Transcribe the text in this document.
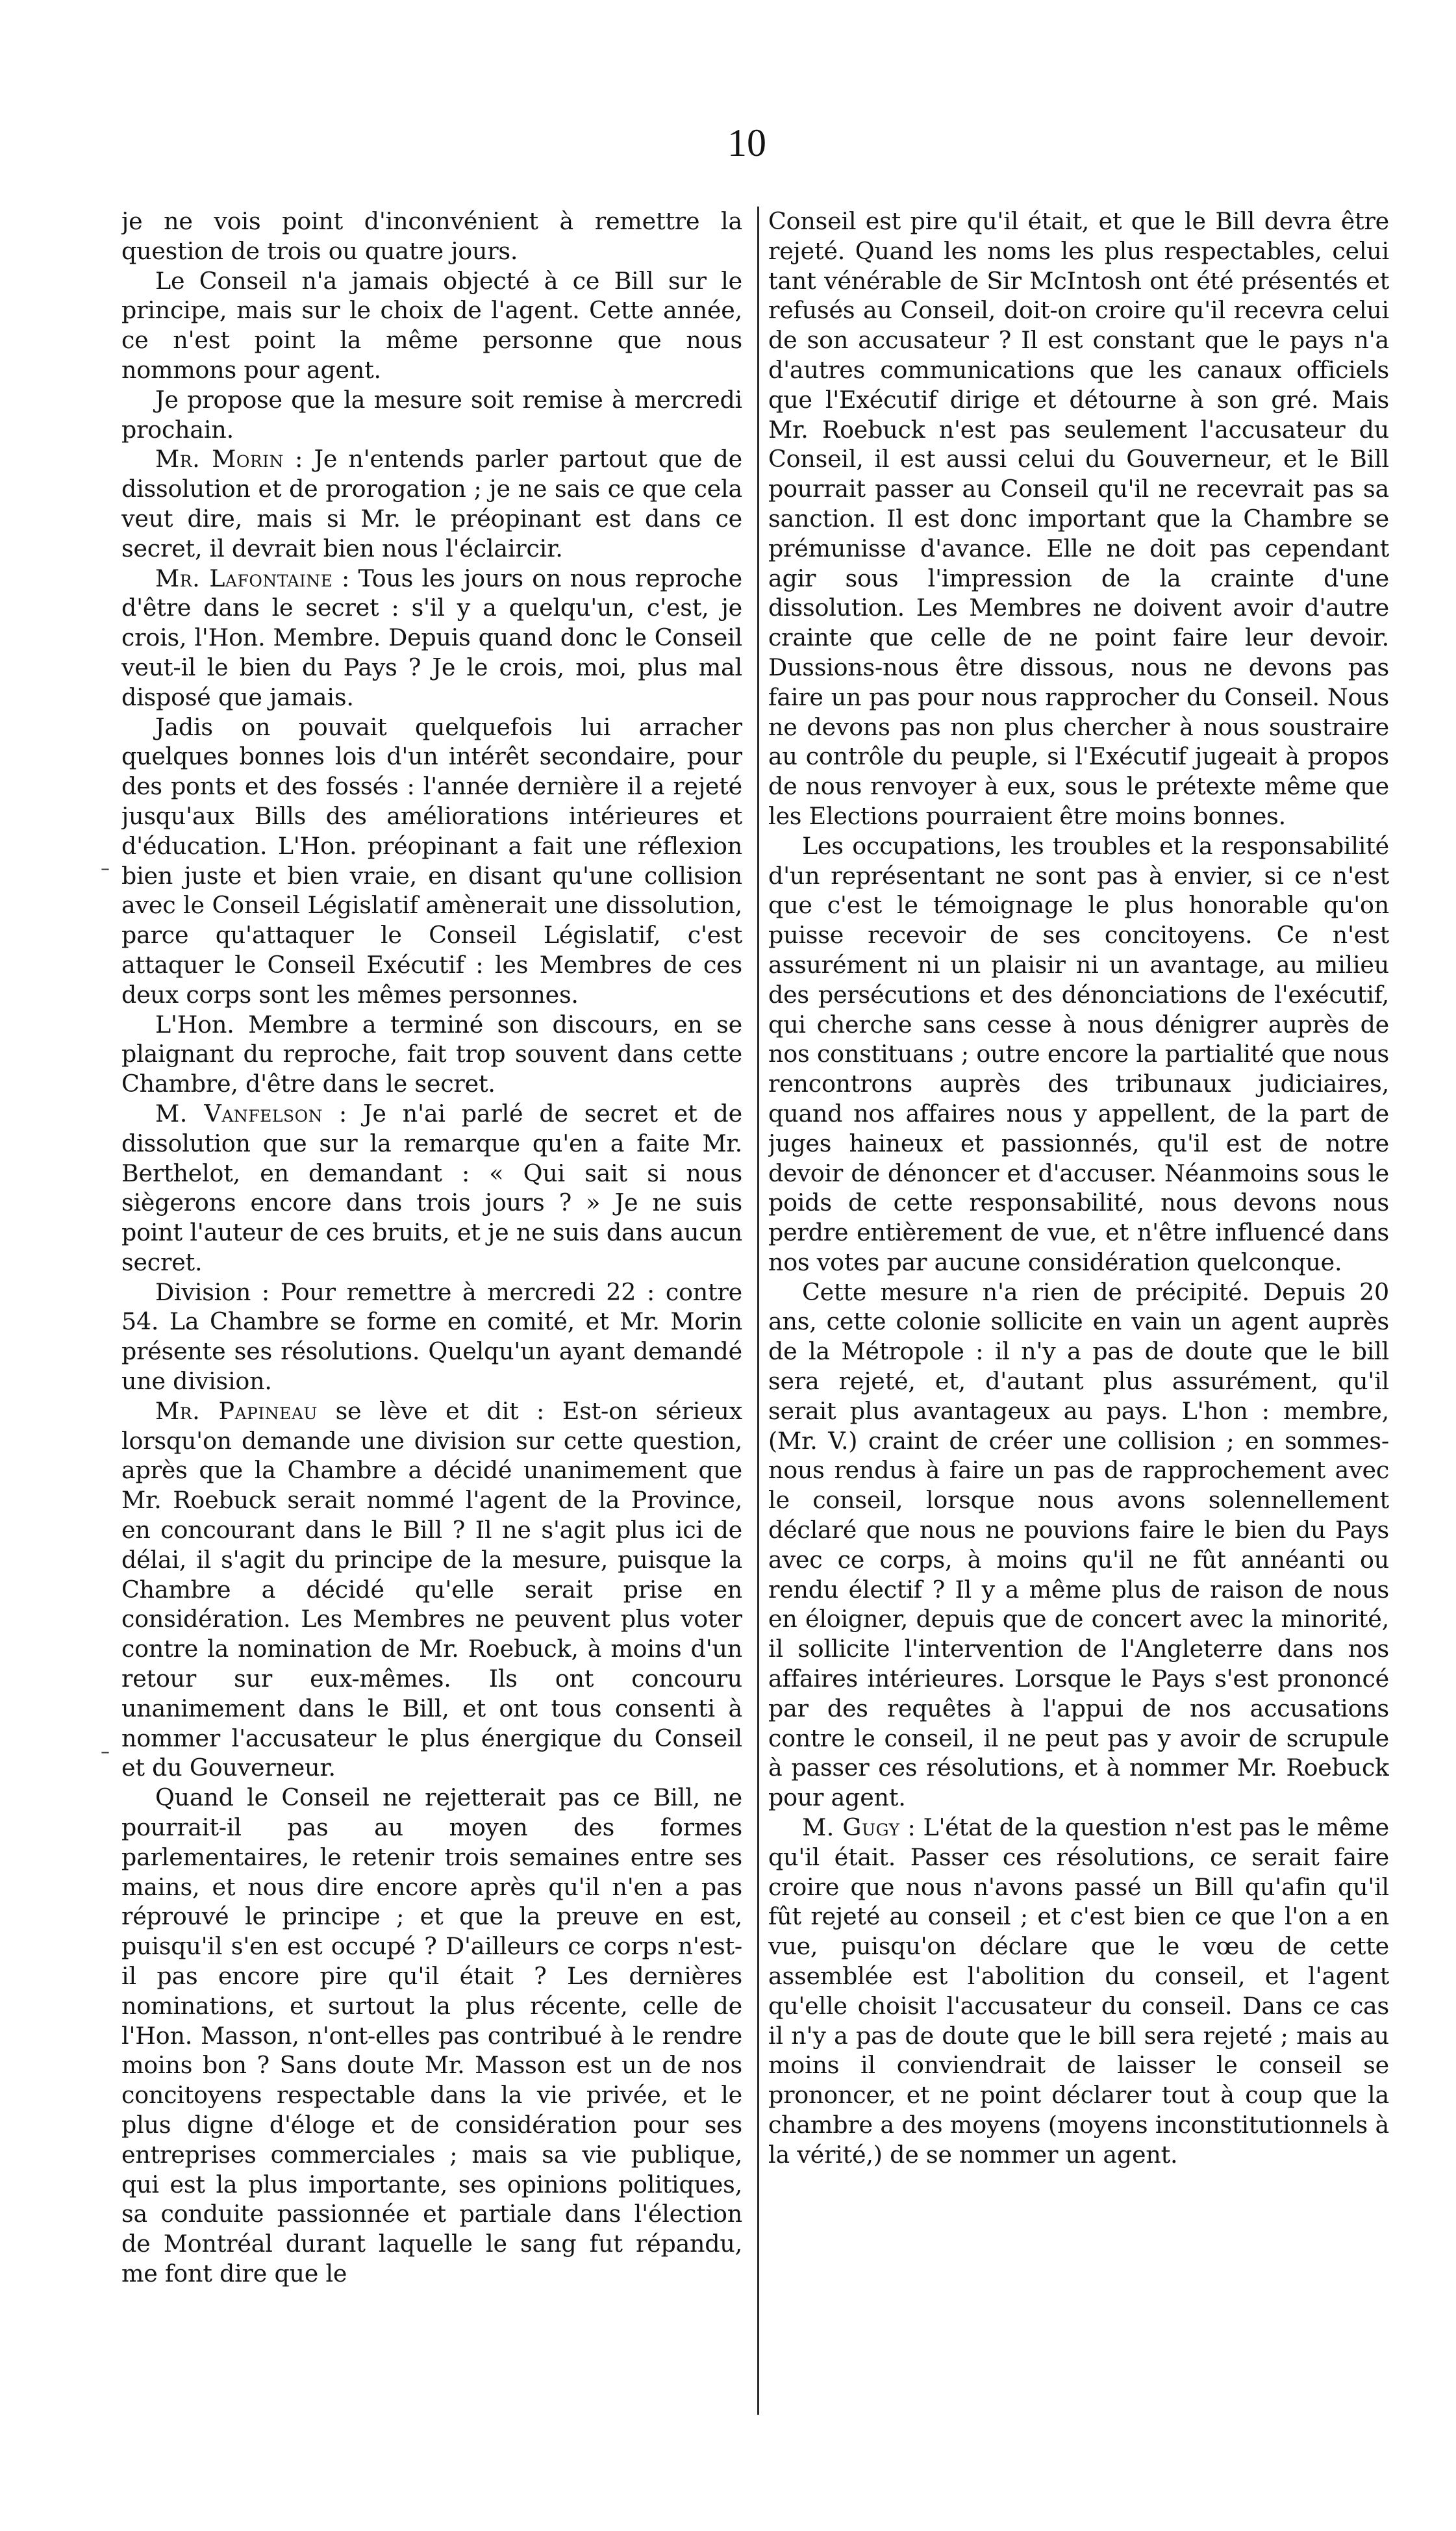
10

je ne vois point d'inconvénient à remettre la question de trois ou quatre jours.

Le Conseil n'a jamais objecté à ce Bill sur le principe, mais sur le choix de l'agent. Cette année, ce n'est point la même personne que nous nommons pour agent.

Je propose que la mesure soit remise à mercredi prochain.

Mr. Morin : Je n'entends parler partout que de dissolution et de prorogation ; je ne sais ce que cela veut dire, mais si Mr. le préopinant est dans ce secret, il devrait bien nous l'éclaircir.

Mr. Lafontaine : Tous les jours on nous reproche d'être dans le secret : s'il y a quelqu'un, c'est, je crois, l'Hon. Membre. Depuis quand donc le Conseil veut-il le bien du Pays ? Je le crois, moi, plus mal disposé que jamais.

Jadis on pouvait quelquefois lui arracher quelques bonnes lois d'un intérêt secondaire, pour des ponts et des fossés : l'année dernière il a rejeté jusqu'aux Bills des améliorations intérieures et d'éducation. L'Hon. préopinant a fait une réflexion bien juste et bien vraie, en disant qu'une collision avec le Conseil Législatif amènerait une dissolution, parce qu'attaquer le Conseil Législatif, c'est attaquer le Conseil Exécutif : les Membres de ces deux corps sont les mêmes personnes.

L'Hon. Membre a terminé son discours, en se plaignant du reproche, fait trop souvent dans cette Chambre, d'être dans le secret.

M. Vanfelson : Je n'ai parlé de secret et de dissolution que sur la remarque qu'en a faite Mr. Berthelot, en demandant : « Qui sait si nous siègerons encore dans trois jours ? » Je ne suis point l'auteur de ces bruits, et je ne suis dans aucun secret.

Division : Pour remettre à mercredi 22 : contre 54. La Chambre se forme en comité, et Mr. Morin présente ses résolutions. Quelqu'un ayant demandé une division.

Mr. Papineau se lève et dit : Est-on sérieux lorsqu'on demande une division sur cette question, après que la Chambre a décidé unanimement que Mr. Roebuck serait nommé l'agent de la Province, en concourant dans le Bill ? Il ne s'agit plus ici de délai, il s'agit du principe de la mesure, puisque la Chambre a décidé qu'elle serait prise en considération. Les Membres ne peuvent plus voter contre la nomination de Mr. Roebuck, à moins d'un retour sur eux-mêmes. Ils ont concouru unanimement dans le Bill, et ont tous consenti à nommer l'accusateur le plus énergique du Conseil et du Gouverneur.

Quand le Conseil ne rejetterait pas ce Bill, ne pourrait-il pas au moyen des formes parlementaires, le retenir trois semaines entre ses mains, et nous dire encore après qu'il n'en a pas réprouvé le principe ; et que la preuve en est, puisqu'il s'en est occupé ? D'ailleurs ce corps n'est-il pas encore pire qu'il était ? Les dernières nominations, et surtout la plus récente, celle de l'Hon. Masson, n'ont-elles pas contribué à le rendre moins bon ? Sans doute Mr. Masson est un de nos concitoyens respectable dans la vie privée, et le plus digne d'éloge et de considération pour ses entreprises commerciales ; mais sa vie publique, qui est la plus importante, ses opinions politiques, sa conduite passionnée et partiale dans l'élection de Montréal durant laquelle le sang fut répandu, me font dire que le

Conseil est pire qu'il était, et que le Bill devra être rejeté. Quand les noms les plus respectables, celui tant vénérable de Sir McIntosh ont été présentés et refusés au Conseil, doit-on croire qu'il recevra celui de son accusateur ? Il est constant que le pays n'a d'autres communications que les canaux officiels que l'Exécutif dirige et détourne à son gré. Mais Mr. Roebuck n'est pas seulement l'accusateur du Conseil, il est aussi celui du Gouverneur, et le Bill pourrait passer au Conseil qu'il ne recevrait pas sa sanction. Il est donc important que la Chambre se prémunisse d'avance. Elle ne doit pas cependant agir sous l'impression de la crainte d'une dissolution. Les Membres ne doivent avoir d'autre crainte que celle de ne point faire leur devoir. Dussions-nous être dissous, nous ne devons pas faire un pas pour nous rapprocher du Conseil. Nous ne devons pas non plus chercher à nous soustraire au contrôle du peuple, si l'Exécutif jugeait à propos de nous renvoyer à eux, sous le prétexte même que les Elections pourraient être moins bonnes.

Les occupations, les troubles et la responsabilité d'un représentant ne sont pas à envier, si ce n'est que c'est le témoignage le plus honorable qu'on puisse recevoir de ses concitoyens. Ce n'est assurément ni un plaisir ni un avantage, au milieu des persécutions et des dénonciations de l'exécutif, qui cherche sans cesse à nous dénigrer auprès de nos constituans ; outre encore la partialité que nous rencontrons auprès des tribunaux judiciaires, quand nos affaires nous y appellent, de la part de juges haineux et passionnés, qu'il est de notre devoir de dénoncer et d'accuser. Néanmoins sous le poids de cette responsabilité, nous devons nous perdre entièrement de vue, et n'être influencé dans nos votes par aucune considération quelconque.

Cette mesure n'a rien de précipité. Depuis 20 ans, cette colonie sollicite en vain un agent auprès de la Métropole : il n'y a pas de doute que le bill sera rejeté, et, d'autant plus assurément, qu'il serait plus avantageux au pays. L'hon : membre, (Mr. V.) craint de créer une collision ; en sommes-nous rendus à faire un pas de rapprochement avec le conseil, lorsque nous avons solennellement déclaré que nous ne pouvions faire le bien du Pays avec ce corps, à moins qu'il ne fût annéanti ou rendu électif ? Il y a même plus de raison de nous en éloigner, depuis que de concert avec la minorité, il sollicite l'intervention de l'Angleterre dans nos affaires intérieures. Lorsque le Pays s'est prononcé par des requêtes à l'appui de nos accusations contre le conseil, il ne peut pas y avoir de scrupule à passer ces résolutions, et à nommer Mr. Roebuck pour agent.

M. Gugy : L'état de la question n'est pas le même qu'il était. Passer ces résolutions, ce serait faire croire que nous n'avons passé un Bill qu'afin qu'il fût rejeté au conseil ; et c'est bien ce que l'on a en vue, puisqu'on déclare que le vœu de cette assemblée est l'abolition du conseil, et l'agent qu'elle choisit l'accusateur du conseil. Dans ce cas il n'y a pas de doute que le bill sera rejeté ; mais au moins il conviendrait de laisser le conseil se prononcer, et ne point déclarer tout à coup que la chambre a des moyens (moyens inconstitutionnels à la vérité,) de se nommer un agent.

–
–
